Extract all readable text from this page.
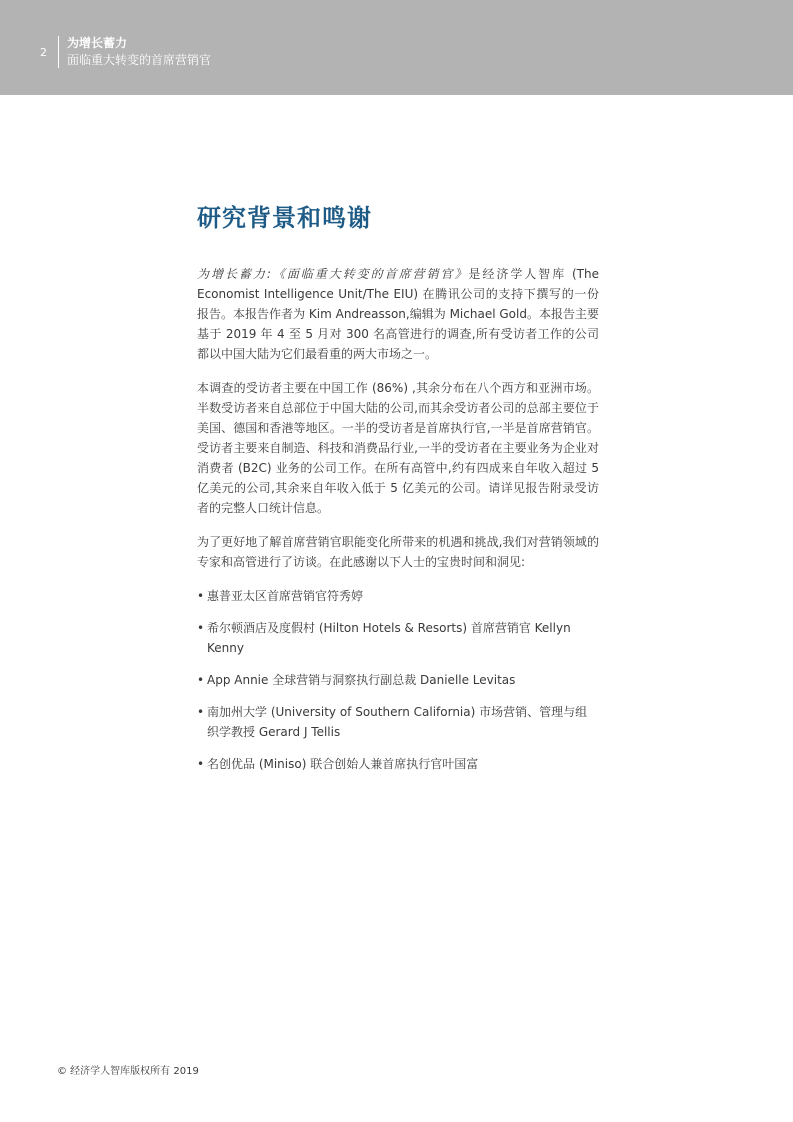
2
为增长蓄力
面临重大转变的首席营销官
研究背景和鸣谢

为增长蓄力:《面临重大转变的首席营销官》是经济学人智库 (The Economist Intelligence Unit/The EIU) 在腾讯公司的支持下撰写的一份报告。本报告作者为 Kim Andreasson,编辑为 Michael Gold。本报告主要基于 2019 年 4 至 5 月对 300 名高管进行的调查,所有受访者工作的公司都以中国大陆为它们最看重的两大市场之一。

本调查的受访者主要在中国工作 (86%) ,其余分布在八个西方和亚洲市场。半数受访者来自总部位于中国大陆的公司,而其余受访者公司的总部主要位于美国、德国和香港等地区。一半的受访者是首席执行官,一半是首席营销官。受访者主要来自制造、科技和消费品行业,一半的受访者在主要业务为企业对消费者 (B2C) 业务的公司工作。在所有高管中,约有四成来自年收入超过 5 亿美元的公司,其余来自年收入低于 5 亿美元的公司。请详见报告附录受访者的完整人口统计信息。

为了更好地了解首席营销官职能变化所带来的机遇和挑战,我们对营销领域的专家和高管进行了访谈。在此感谢以下人士的宝贵时间和洞见:

• 惠普亚太区首席营销官符秀婷
• 希尔顿酒店及度假村 (Hilton Hotels & Resorts) 首席营销官 Kellyn Kenny
• App Annie 全球营销与洞察执行副总裁 Danielle Levitas
• 南加州大学 (University of Southern California) 市场营销、管理与组织学教授 Gerard J Tellis
• 名创优品 (Miniso) 联合创始人兼首席执行官叶国富
© 经济学人智库版权所有 2019
